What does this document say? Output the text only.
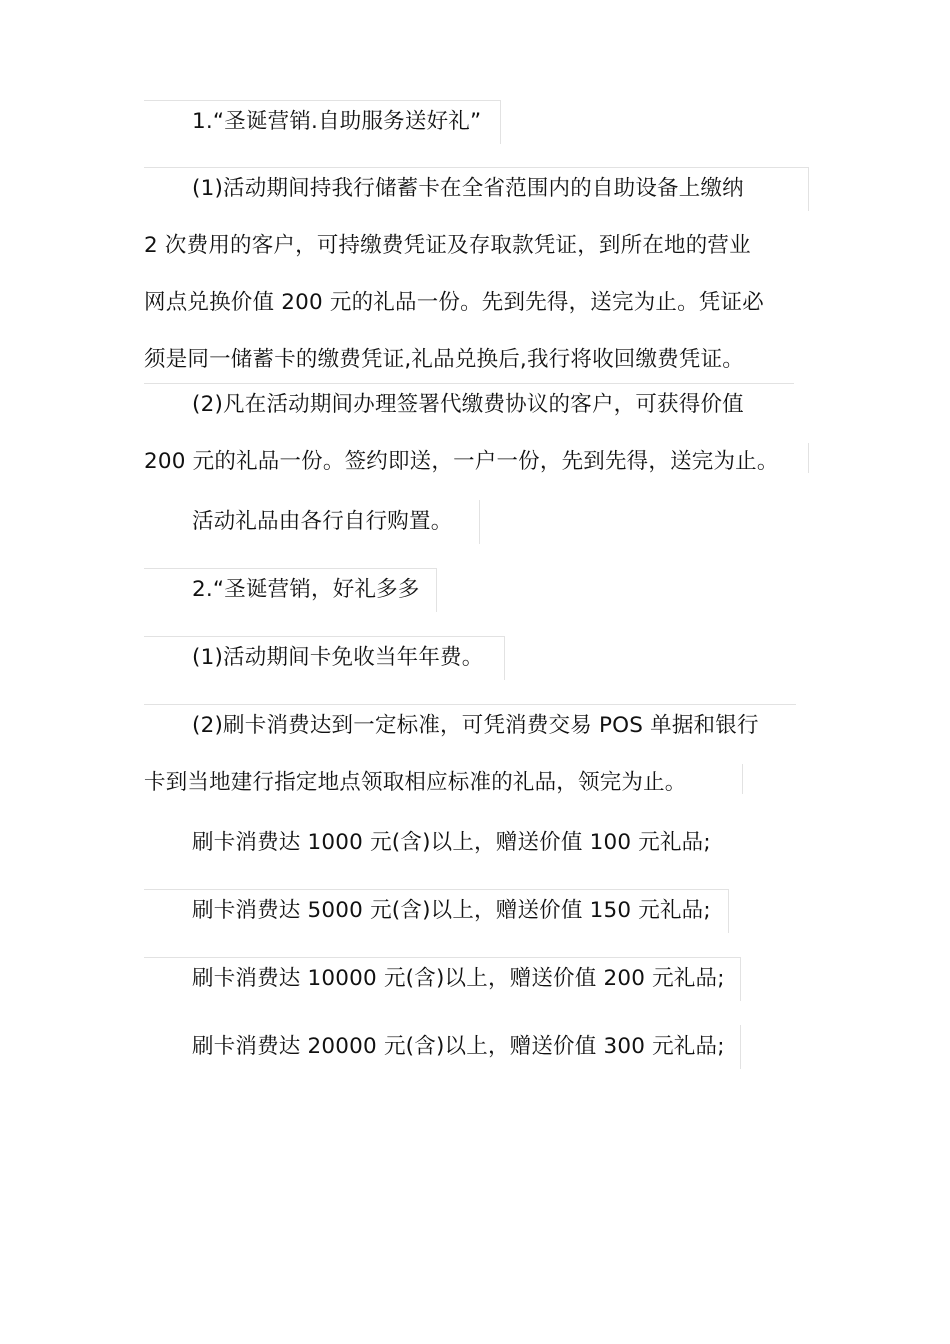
1.“圣诞营销.自助服务送好礼”
(1)活动期间持我行储蓄卡在全省范围内的自助设备上缴纳
2 次费用的客户，可持缴费凭证及存取款凭证，到所在地的营业
网点兑换价值 200 元的礼品一份。先到先得，送完为止。凭证必
须是同一储蓄卡的缴费凭证,礼品兑换后,我行将收回缴费凭证。
(2)凡在活动期间办理签署代缴费协议的客户，可获得价值
200 元的礼品一份。签约即送，一户一份，先到先得，送完为止。
活动礼品由各行自行购置。
2.“圣诞营销，好礼多多
(1)活动期间卡免收当年年费。
(2)刷卡消费达到一定标准，可凭消费交易 POS 单据和银行
卡到当地建行指定地点领取相应标准的礼品，领完为止。
刷卡消费达 1000 元(含)以上，赠送价值 100 元礼品;
刷卡消费达 5000 元(含)以上，赠送价值 150 元礼品;
刷卡消费达 10000 元(含)以上，赠送价值 200 元礼品;
刷卡消费达 20000 元(含)以上，赠送价值 300 元礼品;
